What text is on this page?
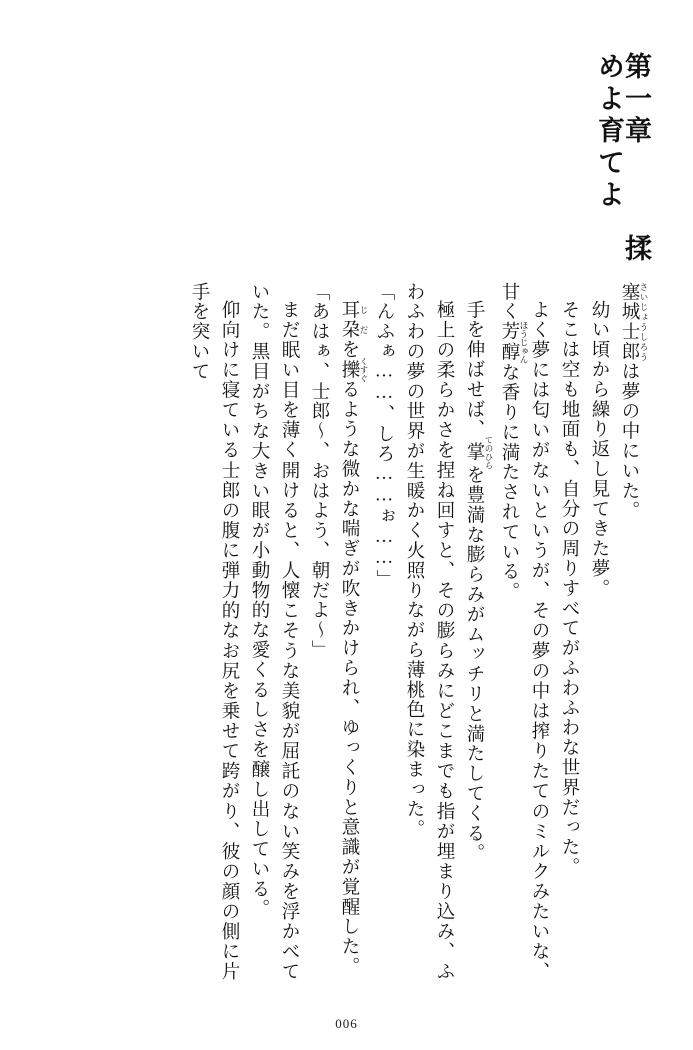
第一章  揉めよ育てよ

塞城士郎 さいじょうしろうは夢の中にいた。

幼い頃から繰り返し見てきた夢。

そこは空も地面も、自分の周りすべてがふわふわな世界だった。

よく夢には匂いがないというが、その夢の中は搾りたてのミルクみたいな、甘く芳醇 ほうじゅんな香りに満たされている。

手を伸ばせば、掌 てのひらを豊満な膨らみがムッチリと満たしてくる。

極上の柔らかさを捏ね回すと、その膨らみにどこまでも指が埋まり込み、ふわふわの夢の世界が生暖かく火照りながら薄桃色に染まった。

「んふぁ……、しろ……ぉ……」

耳朶 じだを擽 くすぐるような微かな喘ぎが吹きかけられ、ゆっくりと意識が覚醒した。

「あはぁ、士郎～、おはよう、朝だよ～」

まだ眠い目を薄く開けると、人懐こそうな美貌が屈託のない笑みを浮かべていた。黒目がちな大きい眼が小動物的な愛くるしさを醸し出している。

仰向けに寝ている士郎の腹に弾力的なお尻を乗せて跨がり、彼の顔の側に片手を突いて

006
